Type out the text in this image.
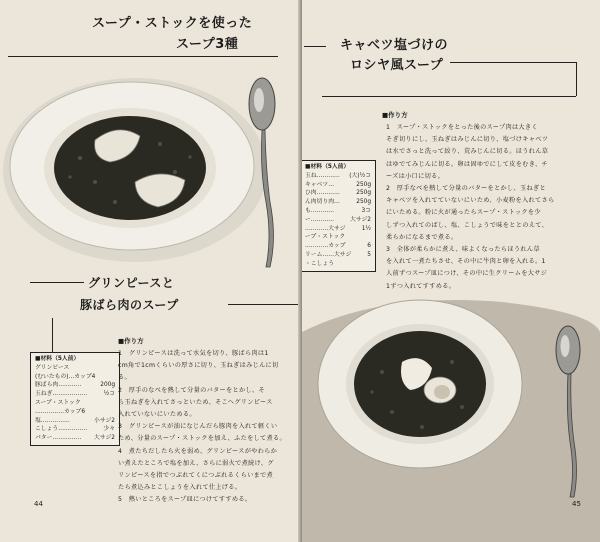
スープ・ストックを使った
スープ3種
グリンピースと
豚ばら肉のスープ
■材料（5人前）
グリンピース
(むいたもの)…カップ4
豚ばら肉…………	200g
玉ねぎ………………	½コ
スープ・ストック
……………カップ6
塩……………	小サジ2
こしょう……………	少々
バター…………… 大サジ2
■作り方

1　グリンピースは洗って水気を切り、豚ばら肉は1

cm角で1cmくらいの厚さに切り、玉ねぎはみじんに切

る。

2　厚手のなべを熱して分量のバターをとかし、そ

ら玉ねぎを入れてさっといため、そこへグリンピース

入れていないにいためる。

3　グリンピースが油になじんだら豚肉を入れて軽くい

ため、分量のスープ・ストックを加え、ふたをして煮る。

4　煮たちだしたら火を弱め、グリンピースがやわらか

い煮えたところで塩を加え、さらに弱火で煮続け、グ

リンピースを指でつぶれてくにつぶれるくらいまで煮

たら煮込みとこしょうを入れて仕上げる。

5　熱いところをスープ皿につけてすすめる。

44
キャベツ塩づけの
ロシヤ風スープ
■作り方

1　スープ・ストックをとった後のスープ肉は大きく

そぎ切りにし、玉ねぎはみじんに切り、塩づけキャベツ

は水でさっと洗って絞り、荒みじんに切る。ほうれん草

はゆでてみじんに切る。卵は固ゆでにして皮をむき、チ

ーズは小口に切る。

2　厚手なべを熱して分量のバターをとかし、玉ねぎと

キャベツを入れてていないにいため、小麦粉を入れてさら

にいためる。粉に火が通ったらスープ・ストックを少

しずつ入れてのばし、塩、こしょうで味をととのえて、

柔らかになるまで煮る。

3　全体が柔らかに煮え、味よくなったらほうれん草

を入れて一煮たちさせ、その中に牛肉と卵を入れる。1

人前ずつスープ皿につけ、その中に生クリームを大サジ

1ずつ入れてすすめる。

■材料（5人前）
玉ね………… (大)½コ
キャベツ…	250g
ひ肉…………	250g
ん肉切り肉…	250g
も…………	3コ
ー…………	大サジ2
…………大サジ	1½
ープ・ストック
…………カップ	6
リーム……大サジ	5
・こしょう
45
